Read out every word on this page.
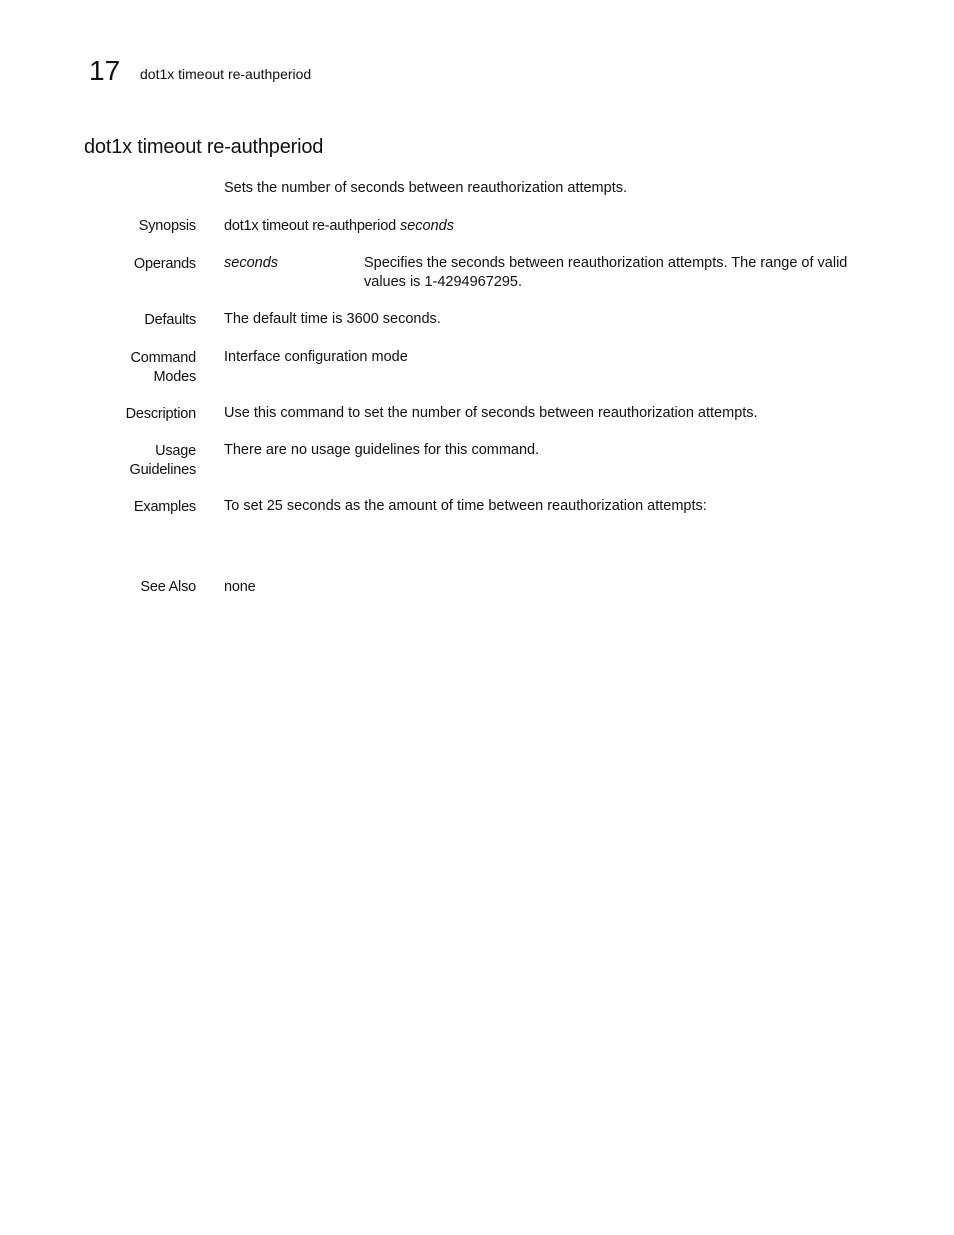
17 dot1x timeout re-authperiod
dot1x timeout re-authperiod

Sets the number of seconds between reauthorization attempts.

Synopsis dot1x timeout re-authperiod seconds
Operands seconds	Specifies the seconds between reauthorization attempts. The range of valid values is 1-4294967295.
Defaults The default time is 3600 seconds.
Command
Modes
Interface configuration mode
Description Use this command to set the number of seconds between reauthorization attempts.
Usage
Guidelines
There are no usage guidelines for this command.
Examples To set 25 seconds as the amount of time between reauthorization attempts:
See Also none
